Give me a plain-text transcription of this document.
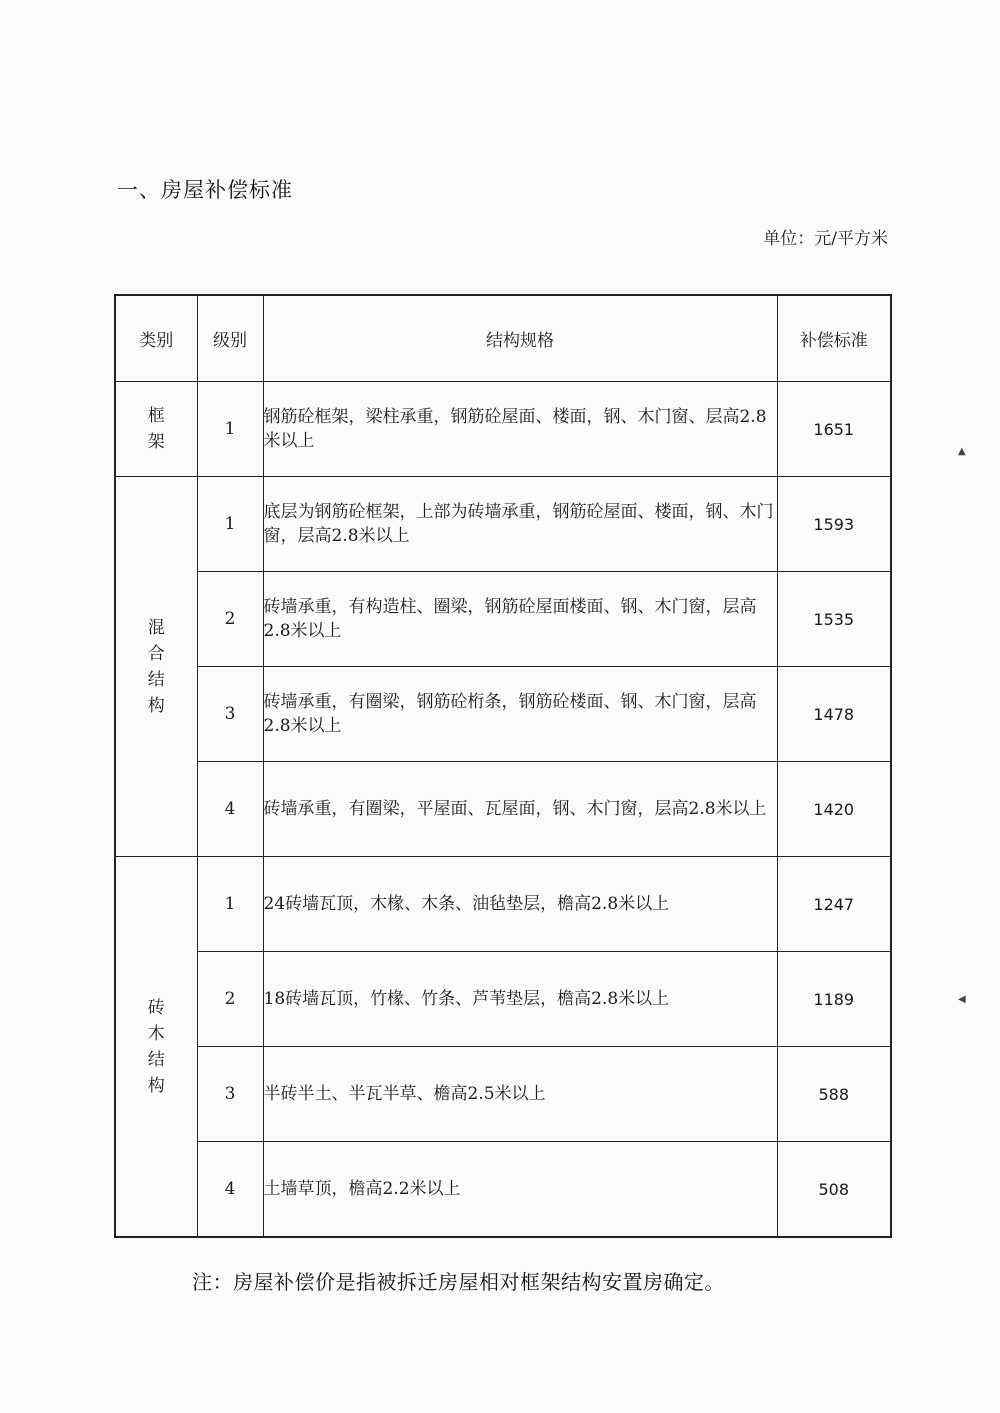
一、房屋补偿标准
单位：元/平方米
类别	级别	结构规格	补偿标准
框架	1	钢筋砼框架，梁柱承重，钢筋砼屋面、楼面，钢、木门窗、层高2.8米以上	1651
混合结构	1	底层为钢筋砼框架，上部为砖墙承重，钢筋砼屋面、楼面，钢、木门窗，层高2.8米以上	1593
	2	砖墙承重，有构造柱、圈梁，钢筋砼屋面楼面、钢、木门窗，层高2.8米以上	1535
	3	砖墙承重，有圈梁，钢筋砼桁条，钢筋砼楼面、钢、木门窗，层高2.8米以上	1478
	4	砖墙承重，有圈梁，平屋面、瓦屋面，钢、木门窗，层高2.8米以上	1420
砖木结构	1	24砖墙瓦顶，木椽、木条、油毡垫层，檐高2.8米以上	1247
	2	18砖墙瓦顶，竹椽、竹条、芦苇垫层，檐高2.8米以上	1189
	3	半砖半土、半瓦半草、檐高2.5米以上	588
	4	土墙草顶，檐高2.2米以上	508
注：房屋补偿价是指被拆迁房屋相对框架结构安置房确定。
▲
◀
